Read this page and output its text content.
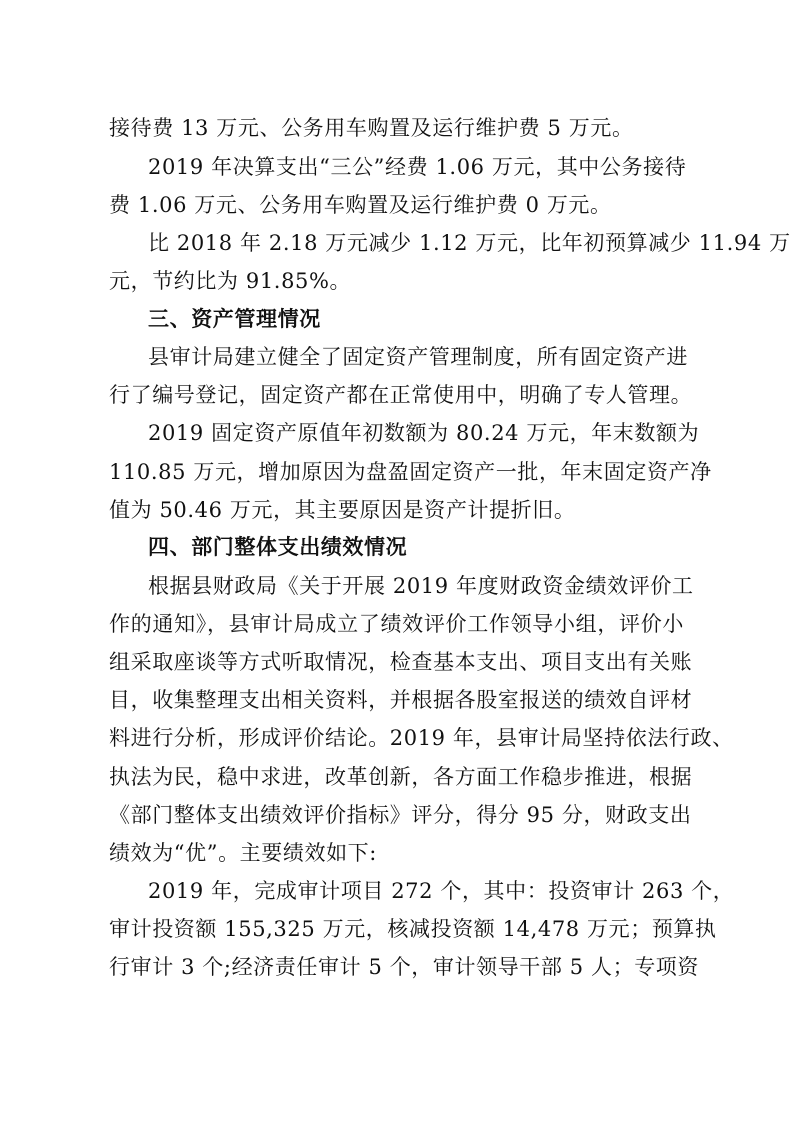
接待费 13 万元、公务用车购置及运行维护费 5 万元。
2019 年决算支出“三公”经费 1.06 万元，其中公务接待
费 1.06 万元、公务用车购置及运行维护费 0 万元。
比 2018 年 2.18 万元减少 1.12 万元，比年初预算减少 11.94 万
元，节约比为 91.85%。
三、资产管理情况
县审计局建立健全了固定资产管理制度，所有固定资产进
行了编号登记，固定资产都在正常使用中，明确了专人管理。
2019 固定资产原值年初数额为 80.24 万元，年末数额为
110.85 万元，增加原因为盘盈固定资产一批，年末固定资产净
值为 50.46 万元，其主要原因是资产计提折旧。
四、部门整体支出绩效情况
根据县财政局《关于开展 2019 年度财政资金绩效评价工
作的通知》，县审计局成立了绩效评价工作领导小组，评价小
组采取座谈等方式听取情况，检查基本支出、项目支出有关账
目，收集整理支出相关资料，并根据各股室报送的绩效自评材
料进行分析，形成评价结论。2019 年，县审计局坚持依法行政、
执法为民，稳中求进，改革创新，各方面工作稳步推进，根据
《部门整体支出绩效评价指标》评分，得分 95 分，财政支出
绩效为“优”。主要绩效如下:
2019 年，完成审计项目 272 个，其中：投资审计 263 个，
审计投资额 155,325 万元，核减投资额 14,478 万元；预算执
行审计 3 个;经济责任审计 5 个，审计领导干部 5 人；专项资
